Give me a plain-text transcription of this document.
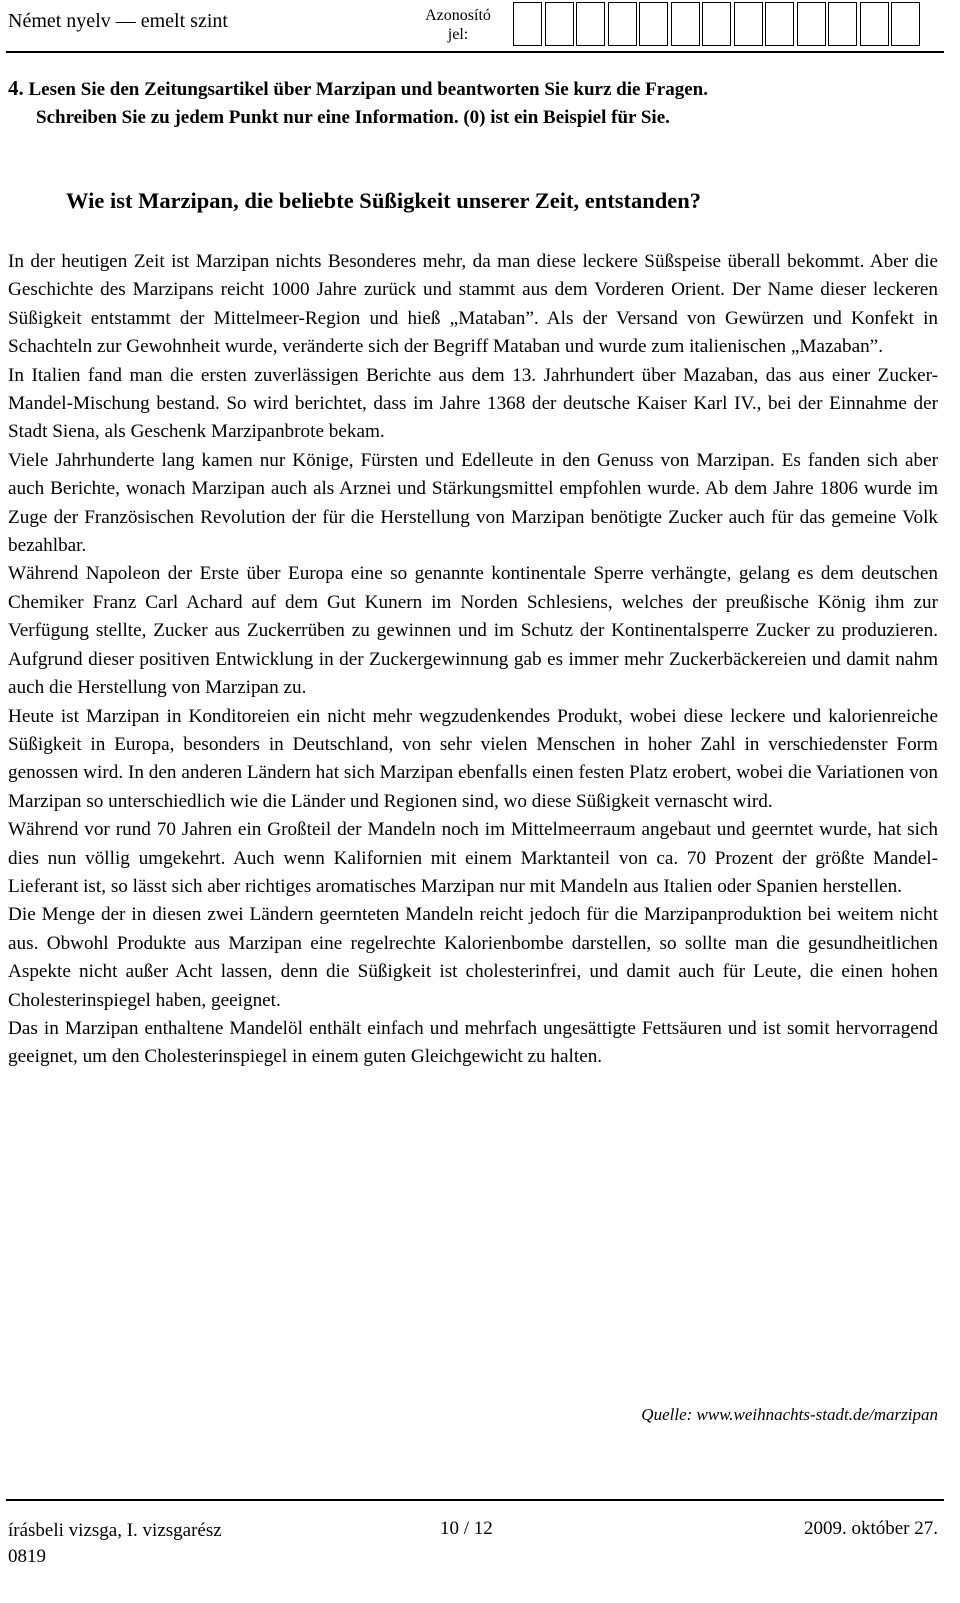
Német nyelv — emelt szint	Azonosító
jel:
4. Lesen Sie den Zeitungsartikel über Marzipan und beantworten Sie kurz die Fragen.
Schreiben Sie zu jedem Punkt nur eine Information. (0) ist ein Beispiel für Sie.
Wie ist Marzipan, die beliebte Süßigkeit unserer Zeit, entstanden?

In der heutigen Zeit ist Marzipan nichts Besonderes mehr, da man diese leckere Süßspeise überall bekommt. Aber die Geschichte des Marzipans reicht 1000 Jahre zurück und stammt aus dem Vorderen Orient. Der Name dieser leckeren Süßigkeit entstammt der Mittelmeer-Region und hieß „Mataban”. Als der Versand von Gewürzen und Konfekt in Schachteln zur Gewohnheit wurde, veränderte sich der Begriff Mataban und wurde zum italienischen „Mazaban”.

In Italien fand man die ersten zuverlässigen Berichte aus dem 13. Jahrhundert über Mazaban, das aus einer Zucker-Mandel-Mischung bestand. So wird berichtet, dass im Jahre 1368 der deutsche Kaiser Karl IV., bei der Einnahme der Stadt Siena, als Geschenk Marzipanbrote bekam.

Viele Jahrhunderte lang kamen nur Könige, Fürsten und Edelleute in den Genuss von Marzipan. Es fanden sich aber auch Berichte, wonach Marzipan auch als Arznei und Stärkungsmittel empfohlen wurde. Ab dem Jahre 1806 wurde im Zuge der Französischen Revolution der für die Herstellung von Marzipan benötigte Zucker auch für das gemeine Volk bezahlbar.

Während Napoleon der Erste über Europa eine so genannte kontinentale Sperre verhängte, gelang es dem deutschen Chemiker Franz Carl Achard auf dem Gut Kunern im Norden Schlesiens, welches der preußische König ihm zur Verfügung stellte, Zucker aus Zuckerrüben zu gewinnen und im Schutz der Kontinentalsperre Zucker zu produzieren. Aufgrund dieser positiven Entwicklung in der Zuckergewinnung gab es immer mehr Zuckerbäckereien und damit nahm auch die Herstellung von Marzipan zu.

Heute ist Marzipan in Konditoreien ein nicht mehr wegzudenkendes Produkt, wobei diese leckere und kalorienreiche Süßigkeit in Europa, besonders in Deutschland, von sehr vielen Menschen in hoher Zahl in verschiedenster Form genossen wird. In den anderen Ländern hat sich Marzipan ebenfalls einen festen Platz erobert, wobei die Variationen von Marzipan so unterschiedlich wie die Länder und Regionen sind, wo diese Süßigkeit vernascht wird.

Während vor rund 70 Jahren ein Großteil der Mandeln noch im Mittelmeerraum angebaut und geerntet wurde, hat sich dies nun völlig umgekehrt. Auch wenn Kalifornien mit einem Marktanteil von ca. 70 Prozent der größte Mandel-Lieferant ist, so lässt sich aber richtiges aromatisches Marzipan nur mit Mandeln aus Italien oder Spanien herstellen.

Die Menge der in diesen zwei Ländern geernteten Mandeln reicht jedoch für die Marzipanproduktion bei weitem nicht aus. Obwohl Produkte aus Marzipan eine regelrechte Kalorienbombe darstellen, so sollte man die gesundheitlichen Aspekte nicht außer Acht lassen, denn die Süßigkeit ist cholesterinfrei, und damit auch für Leute, die einen hohen Cholesterinspiegel haben, geeignet.

Das in Marzipan enthaltene Mandelöl enthält einfach und mehrfach ungesättigte Fettsäuren und ist somit hervorragend geeignet, um den Cholesterinspiegel in einem guten Gleichgewicht zu halten.

Quelle: www.weihnachts-stadt.de/marzipan
írásbeli vizsga, I. vizsgarész
0819
10 / 12	2009. október 27.
